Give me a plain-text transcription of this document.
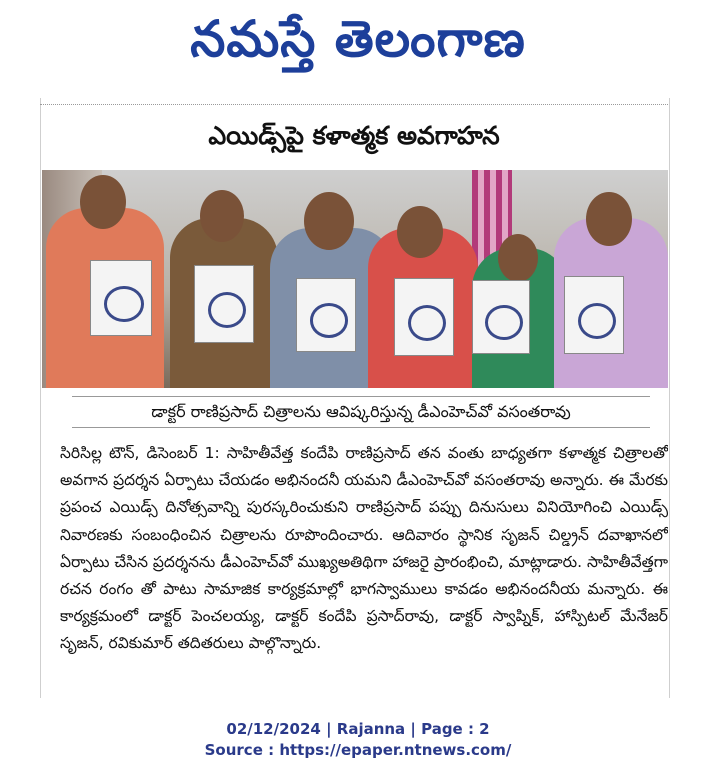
నమస్తే తెలంగాణ
ఎయిడ్స్‌పై కళాత్మక అవగాహన
డాక్టర్ రాణిప్రసాద్ చిత్రాలను ఆవిష్కరిస్తున్న డీఎంహెచ్‌వో వసంతరావు
సిరిసిల్ల టౌన్, డిసెంబర్ 1: సాహితీవేత్త కందేపి రాణిప్రసాద్ తన వంతు బాధ్యతగా కళాత్మక చిత్రాలతో అవగాన ప్రదర్శన ఏర్పాటు చేయడం అభినందనీ యమని డీఎంహెచ్‌వో వసంతరావు అన్నారు. ఈ మేరకు ప్రపంచ ఎయిడ్స్ దినోత్సవాన్ని పురస్కరించుకుని రాణిప్రసాద్ పప్పు దినుసులు వినియోగించి ఎయిడ్స్ నివారణకు సంబంధించిన చిత్రాలను రూపొందించారు. ఆదివారం స్థానిక సృజన్ చిల్డ్రన్ దవాఖానలో ఏర్పాటు చేసిన ప్రదర్శనను డీఎంహెచ్‌వో ముఖ్యఅతిథిగా హాజరై ప్రారంభించి, మాట్లాడారు. సాహితీవేత్తగా రచన రంగం తో పాటు సామాజిక కార్యక్రమాల్లో భాగస్వాములు కావడం అభినందనీయ మన్నారు. ఈ కార్యక్రమంలో డాక్టర్ పెంచలయ్య, డాక్టర్ కందేపి ప్రసాద్‌రావు, డాక్టర్ స్వాప్నిక్, హాస్పిటల్ మేనేజర్ సృజన్, రవికుమార్ తదితరులు పాల్గొన్నారు.
02/12/2024 | Rajanna | Page : 2
Source : https://epaper.ntnews.com/
